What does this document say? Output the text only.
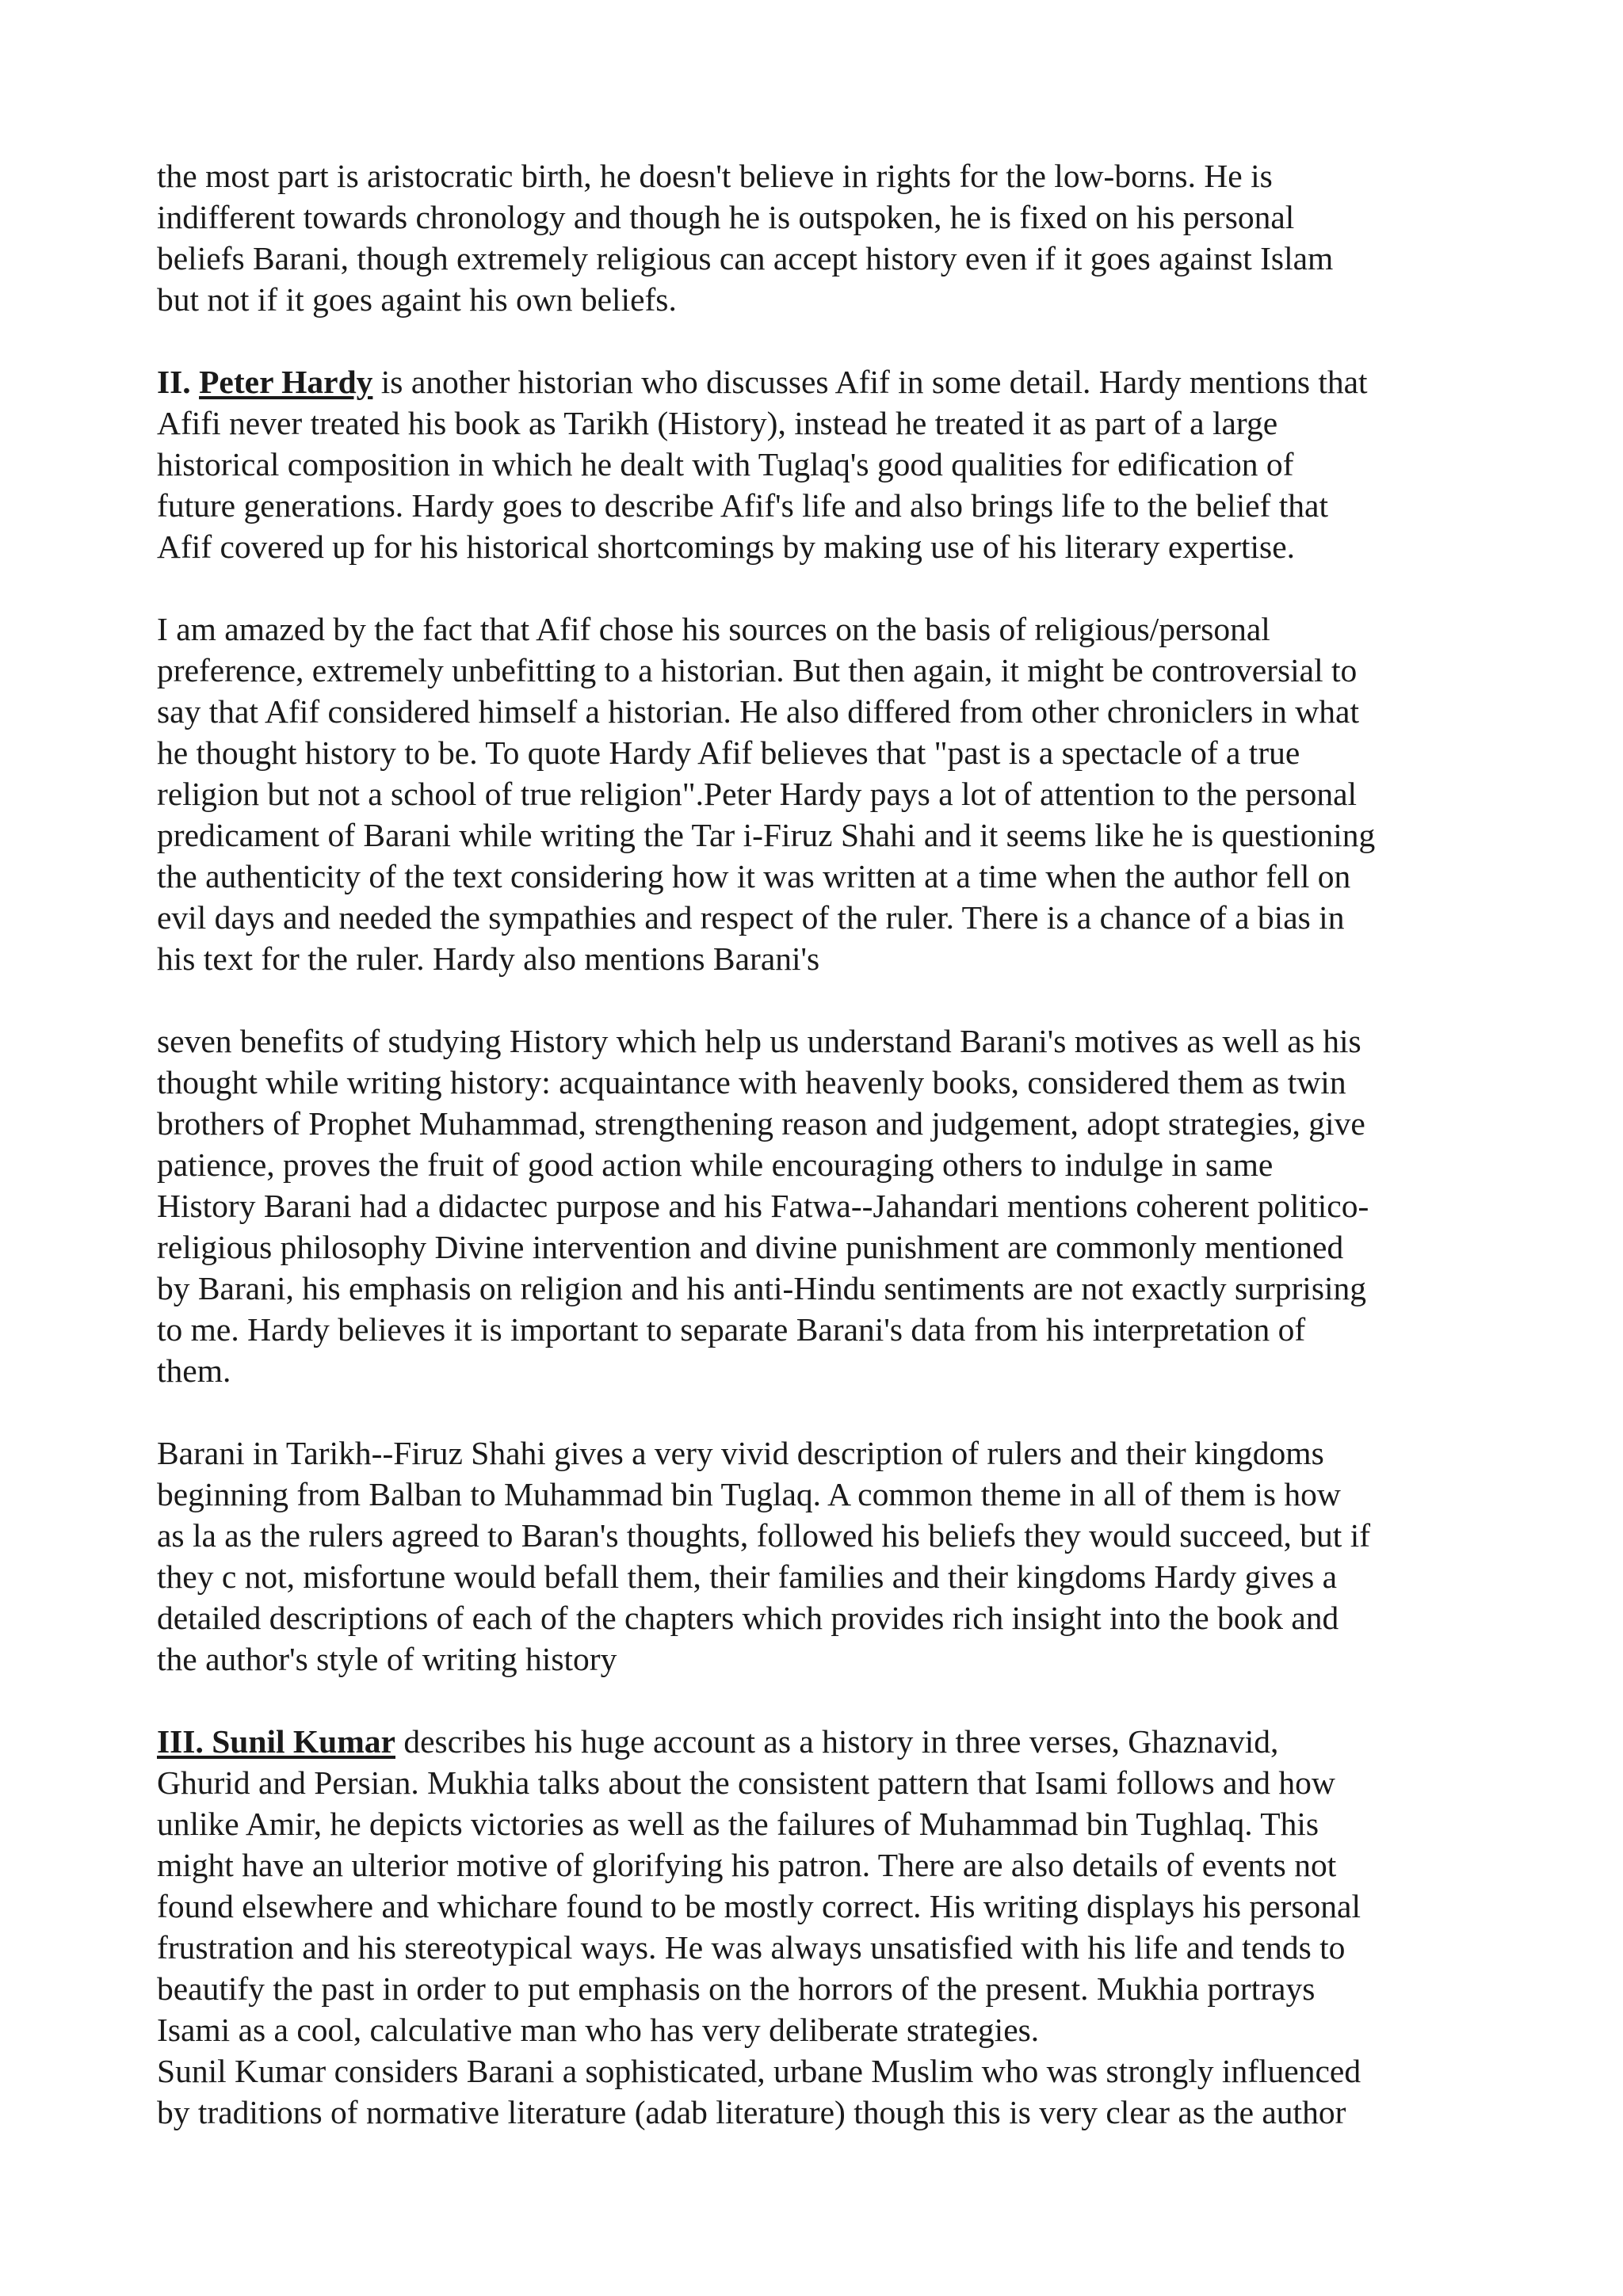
the most part is aristocratic birth, he doesn't believe in rights for the low-borns. He is
indifferent towards chronology and though he is outspoken, he is fixed on his personal
beliefs Barani, though extremely religious can accept history even if it goes against Islam
but not if it goes againt his own beliefs.

II. Peter Hardy is another historian who discusses Afif in some detail. Hardy mentions that
Afifi never treated his book as Tarikh (History), instead he treated it as part of a large
historical composition in which he dealt with Tuglaq's good qualities for edification of
future generations. Hardy goes to describe Afif's life and also brings life to the belief that
Afif covered up for his historical shortcomings by making use of his literary expertise.

I am amazed by the fact that Afif chose his sources on the basis of religious/personal
preference, extremely unbefitting to a historian. But then again, it might be controversial to
say that Afif considered himself a historian. He also differed from other chroniclers in what
he thought history to be. To quote Hardy Afif believes that "past is a spectacle of a true
religion but not a school of true religion".Peter Hardy pays a lot of attention to the personal
predicament of Barani while writing the Tar i-Firuz Shahi and it seems like he is questioning
the authenticity of the text considering how it was written at a time when the author fell on
evil days and needed the sympathies and respect of the ruler. There is a chance of a bias in
his text for the ruler. Hardy also mentions Barani's

seven benefits of studying History which help us understand Barani's motives as well as his
thought while writing history: acquaintance with heavenly books, considered them as twin
brothers of Prophet Muhammad, strengthening reason and judgement, adopt strategies, give
patience, proves the fruit of good action while encouraging others to indulge in same
History Barani had a didactec purpose and his Fatwa--Jahandari mentions coherent politico-
religious philosophy Divine intervention and divine punishment are commonly mentioned
by Barani, his emphasis on religion and his anti-Hindu sentiments are not exactly surprising
to me. Hardy believes it is important to separate Barani's data from his interpretation of
them.

Barani in Tarikh--Firuz Shahi gives a very vivid description of rulers and their kingdoms
beginning from Balban to Muhammad bin Tuglaq. A common theme in all of them is how
as la as the rulers agreed to Baran's thoughts, followed his beliefs they would succeed, but if
they c not, misfortune would befall them, their families and their kingdoms Hardy gives a
detailed descriptions of each of the chapters which provides rich insight into the book and
the author's style of writing history

III. Sunil Kumar describes his huge account as a history in three verses, Ghaznavid,
Ghurid and Persian. Mukhia talks about the consistent pattern that Isami follows and how
unlike Amir, he depicts victories as well as the failures of Muhammad bin Tughlaq. This
might have an ulterior motive of glorifying his patron. There are also details of events not
found elsewhere and whichare found to be mostly correct. His writing displays his personal
frustration and his stereotypical ways. He was always unsatisfied with his life and tends to
beautify the past in order to put emphasis on the horrors of the present. Mukhia portrays
Isami as a cool, calculative man who has very deliberate strategies.
Sunil Kumar considers Barani a sophisticated, urbane Muslim who was strongly influenced
by traditions of normative literature (adab literature) though this is very clear as the author
